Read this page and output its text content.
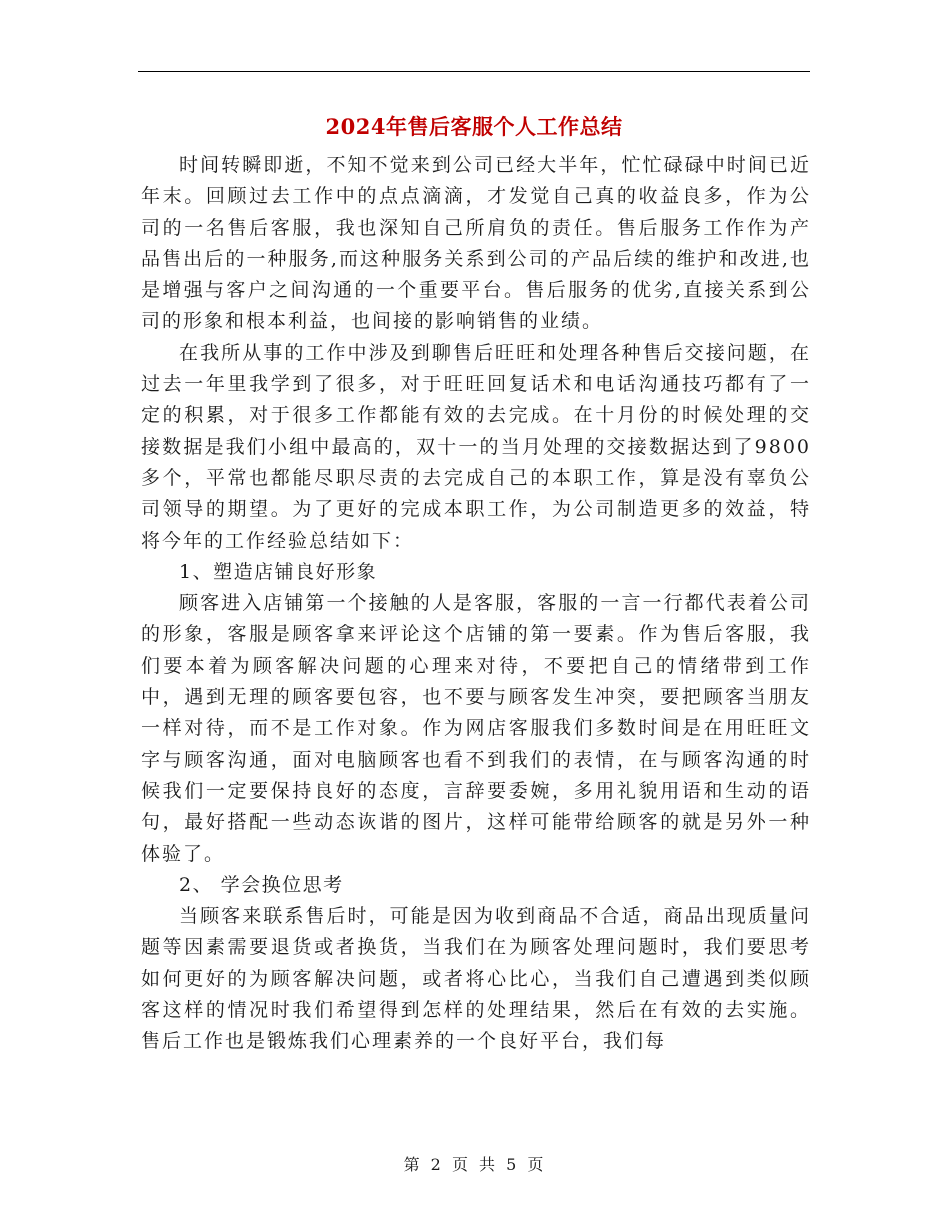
2024年售后客服个人工作总结

时间转瞬即逝，不知不觉来到公司已经大半年，忙忙碌碌中时间已近年末。回顾过去工作中的点点滴滴，才发觉自己真的收益良多，作为公司的一名售后客服，我也深知自己所肩负的责任。售后服务工作作为产品售出后的一种服务,而这种服务关系到公司的产品后续的维护和改进,也是增强与客户之间沟通的一个重要平台。售后服务的优劣,直接关系到公司的形象和根本利益，也间接的影响销售的业绩。

在我所从事的工作中涉及到聊售后旺旺和处理各种售后交接问题，在过去一年里我学到了很多，对于旺旺回复话术和电话沟通技巧都有了一定的积累，对于很多工作都能有效的去完成。在十月份的时候处理的交接数据是我们小组中最高的，双十一的当月处理的交接数据达到了9800多个，平常也都能尽职尽责的去完成自己的本职工作，算是没有辜负公司领导的期望。为了更好的完成本职工作，为公司制造更多的效益，特将今年的工作经验总结如下：

1、塑造店铺良好形象

顾客进入店铺第一个接触的人是客服，客服的一言一行都代表着公司的形象，客服是顾客拿来评论这个店铺的第一要素。作为售后客服，我们要本着为顾客解决问题的心理来对待，不要把自己的情绪带到工作中，遇到无理的顾客要包容，也不要与顾客发生冲突，要把顾客当朋友一样对待，而不是工作对象。作为网店客服我们多数时间是在用旺旺文字与顾客沟通，面对电脑顾客也看不到我们的表情，在与顾客沟通的时候我们一定要保持良好的态度，言辞要委婉，多用礼貌用语和生动的语句，最好搭配一些动态诙谐的图片，这样可能带给顾客的就是另外一种体验了。

2、 学会换位思考

当顾客来联系售后时，可能是因为收到商品不合适，商品出现质量问题等因素需要退货或者换货，当我们在为顾客处理问题时，我们要思考如何更好的为顾客解决问题，或者将心比心，当我们自己遭遇到类似顾客这样的情况时我们希望得到怎样的处理结果，然后在有效的去实施。售后工作也是锻炼我们心理素养的一个良好平台，我们每

第 2 页 共 5 页
